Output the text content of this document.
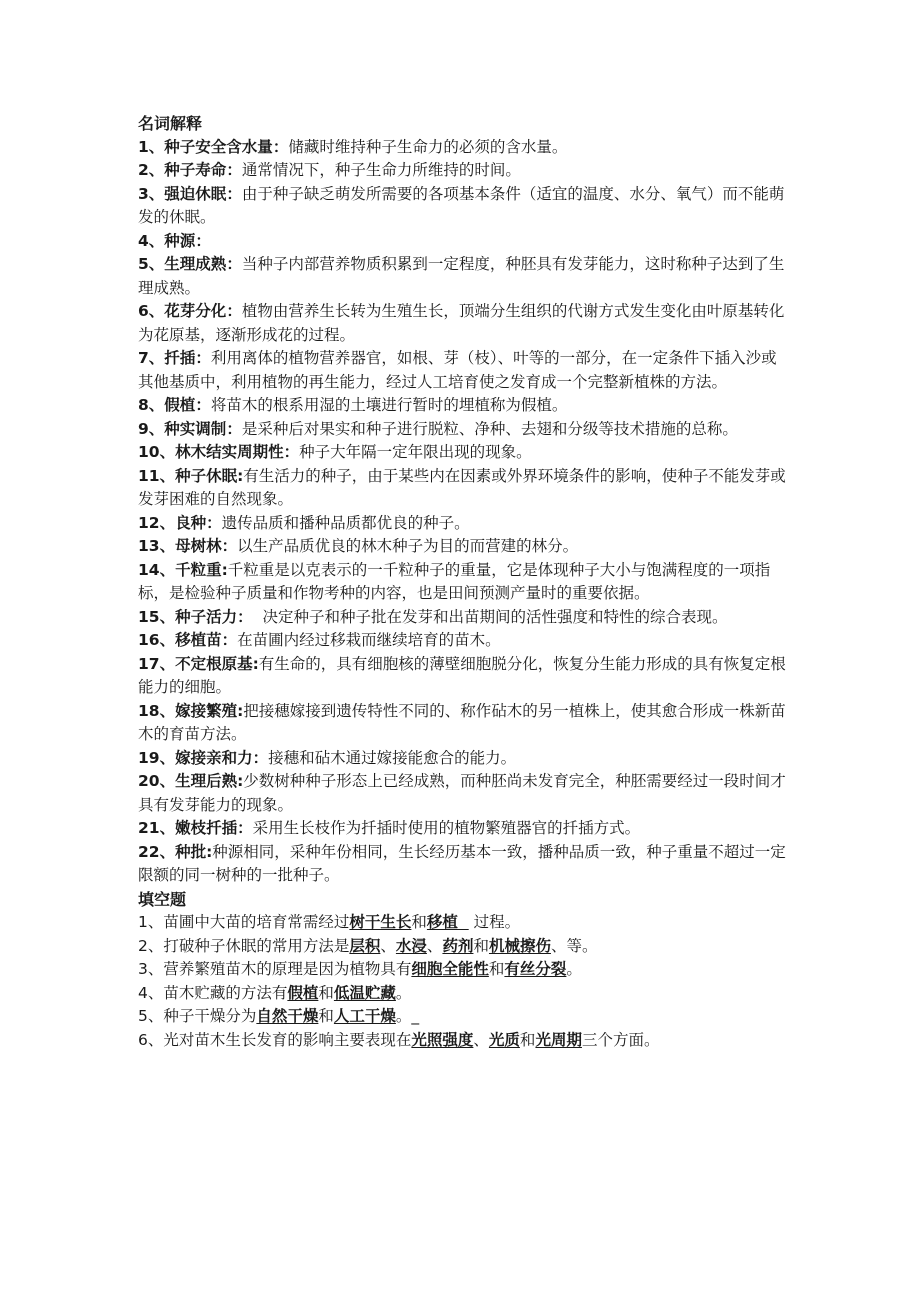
名词解释
1、种子安全含水量：储藏时维持种子生命力的必须的含水量。
2、种子寿命：通常情况下，种子生命力所维持的时间。
3、强迫休眠：由于种子缺乏萌发所需要的各项基本条件（适宜的温度、水分、氧气）而不能萌发的休眠。
4、种源：
5、生理成熟：当种子内部营养物质积累到一定程度，种胚具有发芽能力，这时称种子达到了生理成熟。
6、花芽分化：植物由营养生长转为生殖生长，顶端分生组织的代谢方式发生变化由叶原基转化为花原基，逐渐形成花的过程。
7、扦插：利用离体的植物营养器官，如根、芽（枝）、叶等的一部分，在一定条件下插入沙或其他基质中，利用植物的再生能力，经过人工培育使之发育成一个完整新植株的方法。
8、假植：将苗木的根系用湿的土壤进行暂时的埋植称为假植。
9、种实调制：是采种后对果实和种子进行脱粒、净种、去翅和分级等技术措施的总称。
10、林木结实周期性：种子大年隔一定年限出现的现象。
11、种子休眠:有生活力的种子，由于某些内在因素或外界环境条件的影响，使种子不能发芽或发芽困难的自然现象。
12、良种：遗传品质和播种品质都优良的种子。
13、母树林：以生产品质优良的林木种子为目的而营建的林分。
14、千粒重:千粒重是以克表示的一千粒种子的重量，它是体现种子大小与饱满程度的一项指标，是检验种子质量和作物考种的内容，也是田间预测产量时的重要依据。
15、种子活力：  决定种子和种子批在发芽和出苗期间的活性强度和特性的综合表现。
16、移植苗：在苗圃内经过移栽而继续培育的苗木。
17、不定根原基:有生命的，具有细胞核的薄壁细胞脱分化，恢复分生能力形成的具有恢复定根能力的细胞。
18、嫁接繁殖:把接穗嫁接到遗传特性不同的、称作砧木的另一植株上，使其愈合形成一株新苗木的育苗方法。
19、嫁接亲和力：接穗和砧木通过嫁接能愈合的能力。
20、生理后熟:少数树种种子形态上已经成熟，而种胚尚未发育完全，种胚需要经过一段时间才具有发芽能力的现象。
21、嫩枝扦插：采用生长枝作为扦插时使用的植物繁殖器官的扦插方式。
22、种批:种源相同，采种年份相同，生长经历基本一致，播种品质一致，种子重量不超过一定限额的同一树种的一批种子。
填空题
1、苗圃中大苗的培育常需经过树干生长和移植   过程。
2、打破种子休眠的常用方法是层积、水浸、药剂和机械擦伤、等。
3、营养繁殖苗木的原理是因为植物具有细胞全能性和有丝分裂。
4、苗木贮藏的方法有假植和低温贮藏。
5、种子干燥分为自然干燥和人工干燥。_
6、光对苗木生长发育的影响主要表现在光照强度、光质和光周期三个方面。
